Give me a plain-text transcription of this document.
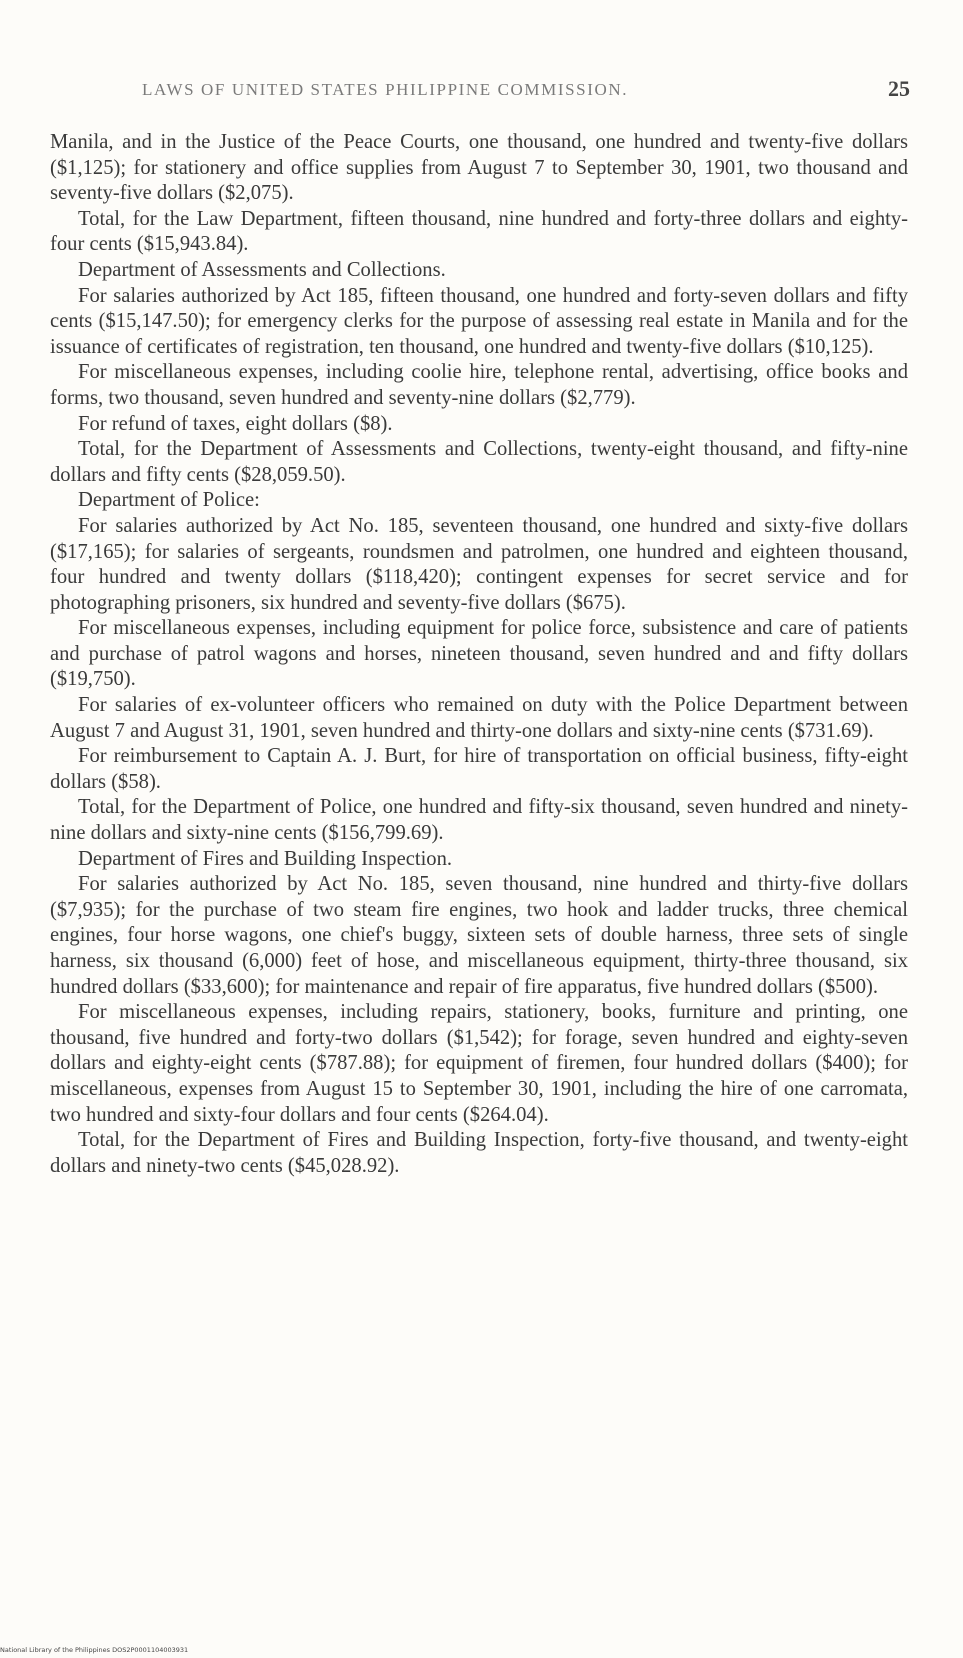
LAWS OF UNITED STATES PHILIPPINE COMMISSION.	25

Manila, and in the Justice of the Peace Courts, one thousand, one hundred and twenty-five dollars ($1,125); for stationery and office supplies from August 7 to September 30, 1901, two thousand and seventy-five dollars ($2,075).

Total, for the Law Department, fifteen thousand, nine hundred and forty-three dollars and eighty-four cents ($15,943.84).

Department of Assessments and Collections.

For salaries authorized by Act 185, fifteen thousand, one hundred and forty-seven dollars and fifty cents ($15,147.50); for emergency clerks for the purpose of assessing real estate in Manila and for the issuance of certificates of registration, ten thousand, one hundred and twenty-five dollars ($10,125).

For miscellaneous expenses, including coolie hire, telephone rental, advertising, office books and forms, two thousand, seven hundred and seventy-nine dollars ($2,779).

For refund of taxes, eight dollars ($8).

Total, for the Department of Assessments and Collections, twenty-eight thousand, and fifty-nine dollars and fifty cents ($28,059.50).

Department of Police:

For salaries authorized by Act No. 185, seventeen thousand, one hundred and sixty-five dollars ($17,165); for salaries of sergeants, roundsmen and patrolmen, one hundred and eighteen thousand, four hundred and twenty dollars ($118,420); contingent expenses for secret service and for photographing prisoners, six hundred and seventy-five dollars ($675).

For miscellaneous expenses, including equipment for police force, subsistence and care of patients and purchase of patrol wagons and horses, nineteen thousand, seven hundred and and fifty dollars ($19,750).

For salaries of ex-volunteer officers who remained on duty with the Police Department between August 7 and August 31, 1901, seven hundred and thirty-one dollars and sixty-nine cents ($731.69).

For reimbursement to Captain A. J. Burt, for hire of transportation on official business, fifty-eight dollars ($58).

Total, for the Department of Police, one hundred and fifty-six thousand, seven hundred and ninety-nine dollars and sixty-nine cents ($156,799.69).

Department of Fires and Building Inspection.

For salaries authorized by Act No. 185, seven thousand, nine hundred and thirty-five dollars ($7,935); for the purchase of two steam fire engines, two hook and ladder trucks, three chemical engines, four horse wagons, one chief's buggy, sixteen sets of double harness, three sets of single harness, six thousand (6,000) feet of hose, and miscellaneous equipment, thirty-three thousand, six hundred dollars ($33,600); for maintenance and repair of fire apparatus, five hundred dollars ($500).

For miscellaneous expenses, including repairs, stationery, books, furniture and printing, one thousand, five hundred and forty-two dollars ($1,542); for forage, seven hundred and eighty-seven dollars and eighty-eight cents ($787.88); for equipment of firemen, four hundred dollars ($400); for miscellaneous, expenses from August 15 to September 30, 1901, including the hire of one carromata, two hundred and sixty-four dollars and four cents ($264.04).

Total, for the Department of Fires and Building Inspection, forty-five thousand, and twenty-eight dollars and ninety-two cents ($45,028.92).

National Library of the Philippines DOS2P0001104003931
